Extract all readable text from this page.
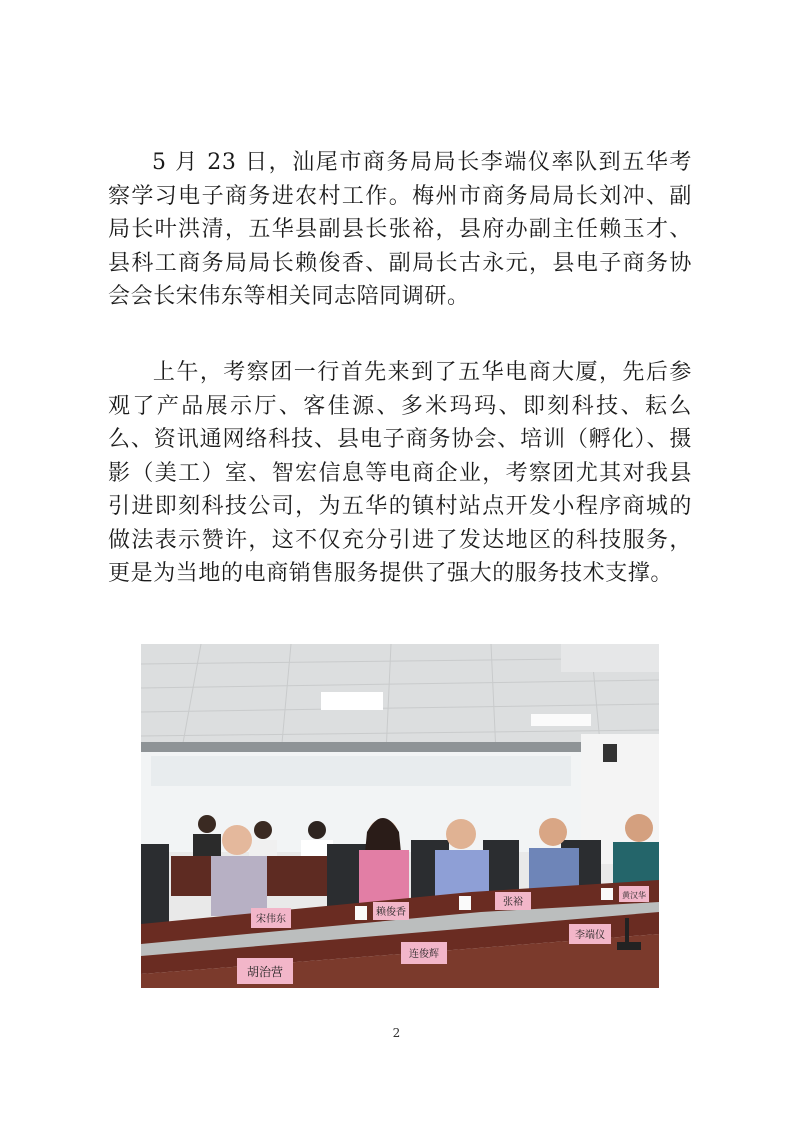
5 月 23 日，汕尾市商务局局长李端仪率队到五华考察学习电子商务进农村工作。梅州市商务局局长刘冲、副局长叶洪清，五华县副县长张裕，县府办副主任赖玉才、县科工商务局局长赖俊香、副局长古永元，县电子商务协会会长宋伟东等相关同志陪同调研。

上午，考察团一行首先来到了五华电商大厦，先后参观了产品展示厅、客佳源、多米玛玛、即刻科技、耘么么、资讯通网络科技、县电子商务协会、培训（孵化）、摄影（美工）室、智宏信息等电商企业，考察团尤其对我县引进即刻科技公司，为五华的镇村站点开发小程序商城的做法表示赞许，这不仅充分引进了发达地区的科技服务，更是为当地的电商销售服务提供了强大的服务技术支撑。

宋伟东
赖俊香
张裕
李端仪
连俊辉
胡治营
黄汉华
2
